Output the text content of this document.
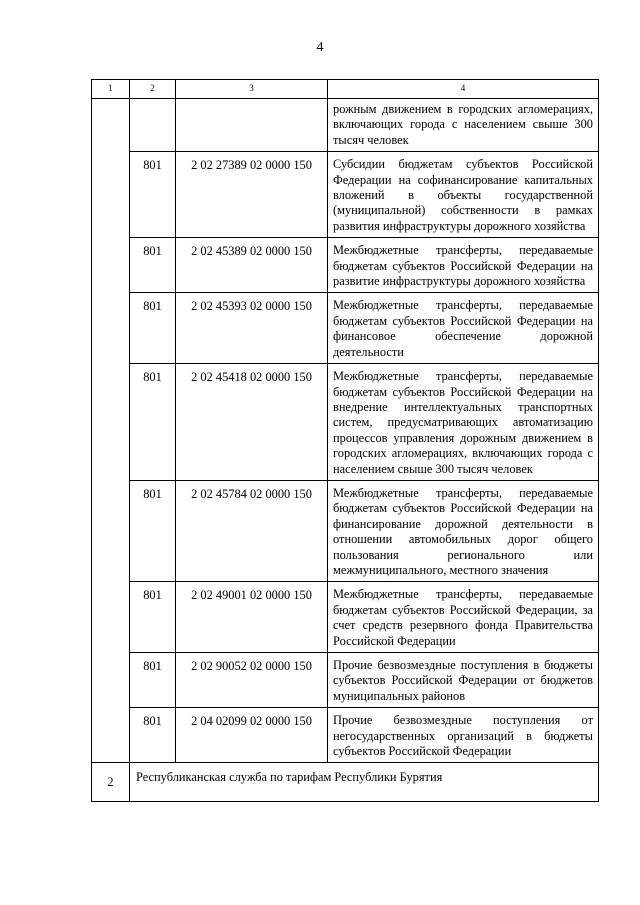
4
1	2	3	4
			рожным движением в городских агломерациях, включающих города с населением свыше 300 тысяч человек
	801	2 02 27389 02 0000 150	Субсидии бюджетам субъектов Российской Федерации на софинансирование капитальных вложений в объекты государственной (муниципальной) собственности в рамках развития инфраструктуры дорожного хозяйства
	801	2 02 45389 02 0000 150	Межбюджетные трансферты, передаваемые бюджетам субъектов Российской Федерации на развитие инфраструктуры дорожного хозяйства
	801	2 02 45393 02 0000 150	Межбюджетные трансферты, передаваемые бюджетам субъектов Российской Федерации на финансовое обеспечение дорожной деятельности
	801	2 02 45418 02 0000 150	Межбюджетные трансферты, передаваемые бюджетам субъектов Российской Федерации на внедрение интеллектуальных транспортных систем, предусматривающих автоматизацию процессов управления дорожным движением в городских агломерациях, включающих города с населением свыше 300 тысяч человек
	801	2 02 45784 02 0000 150	Межбюджетные трансферты, передаваемые бюджетам субъектов Российской Федерации на финансирование дорожной деятельности в отношении автомобильных дорог общего пользования регионального или межмуниципального, местного значения
	801	2 02 49001 02 0000 150	Межбюджетные трансферты, передаваемые бюджетам субъектов Российской Федерации, за счет средств резервного фонда Правительства Российской Федерации
	801	2 02 90052 02 0000 150	Прочие безвозмездные поступления в бюджеты субъектов Российской Федерации от бюджетов муниципальных районов
	801	2 04 02099 02 0000 150	Прочие безвозмездные поступления от негосударственных организаций в бюджеты субъектов Российской Федерации
2	Республиканская служба по тарифам Республики Бурятия		
